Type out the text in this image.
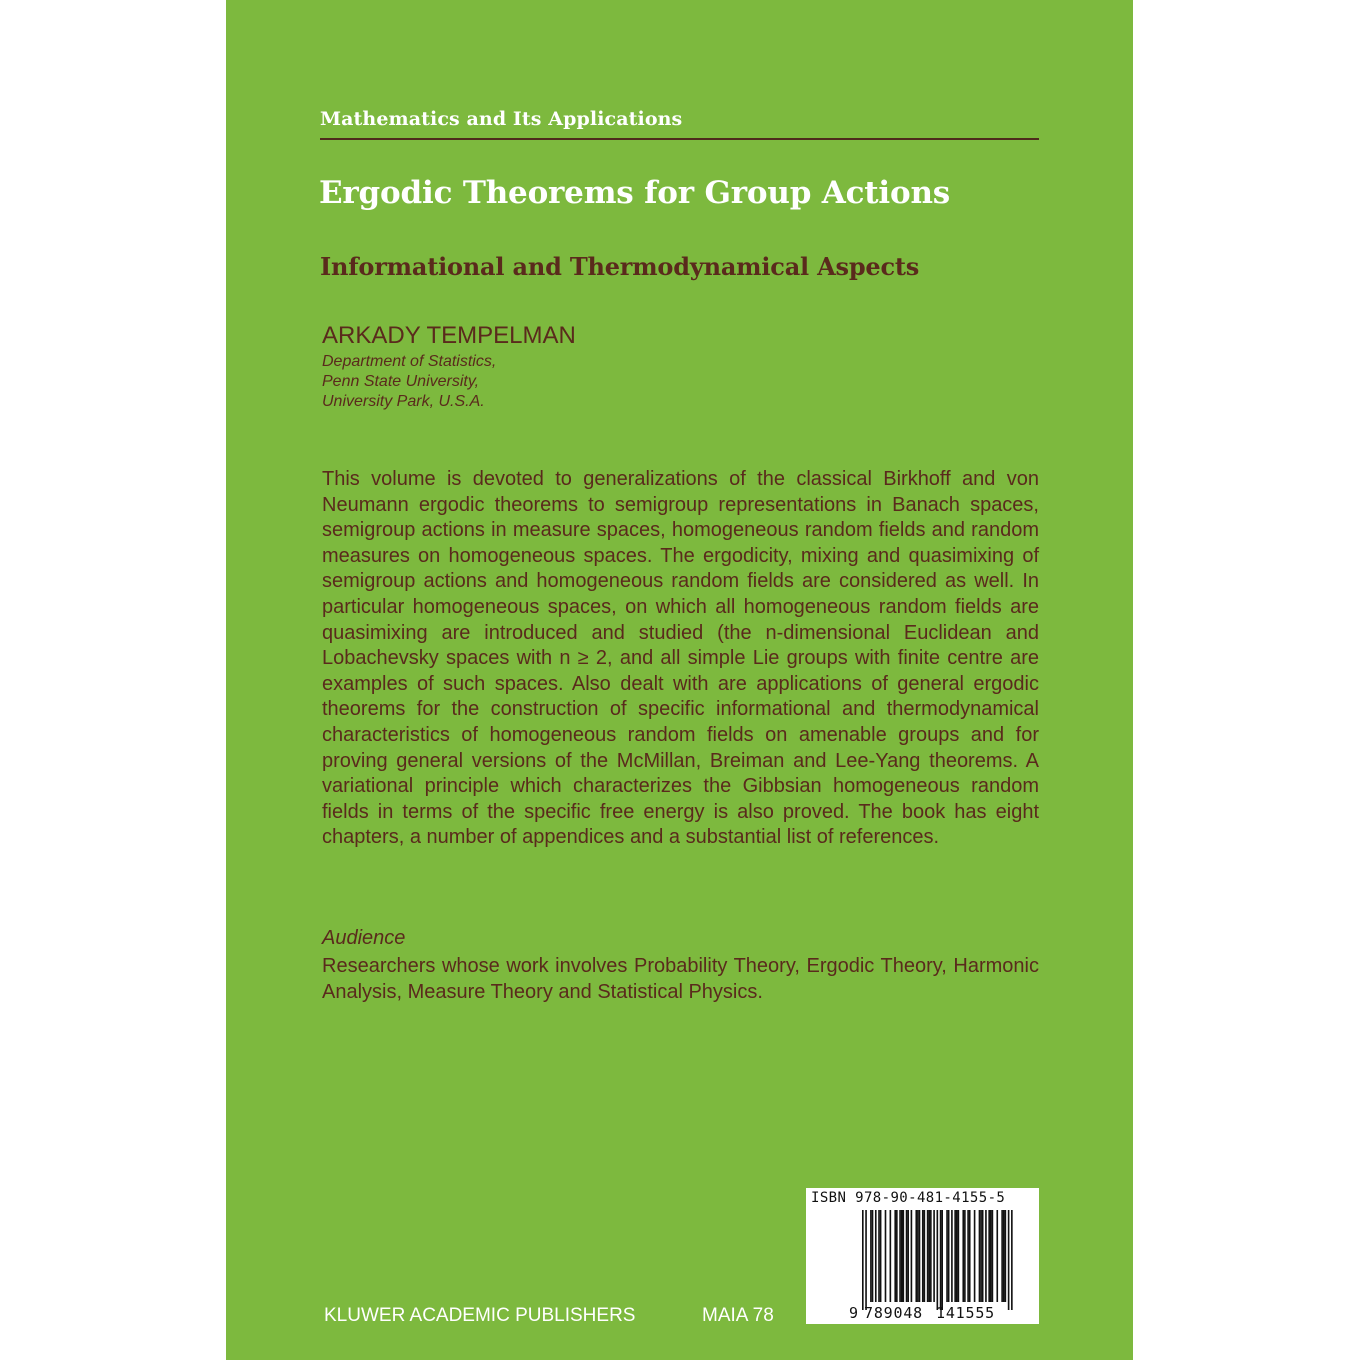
Mathematics and Its Applications
Ergodic Theorems for Group Actions
Informational and Thermodynamical Aspects
ARKADY TEMPELMAN
Department of Statistics,
Penn State University,
University Park, U.S.A.

This volume is devoted to generalizations of the classical Birkhoff and von Neumann ergodic theorems to semigroup representations in Banach spaces, semigroup actions in measure spaces, homogeneous random fields and random measures on homogeneous spaces. The ergodicity, mixing and quasimixing of semigroup actions and homogeneous random fields are considered as well. In particular homogeneous spaces, on which all homogeneous random fields are quasimixing are introduced and studied (the n-dimensional Euclidean and Lobachevsky spaces with n ≥ 2, and all simple Lie groups with finite centre are examples of such spaces. Also dealt with are applications of general ergodic theorems for the construction of specific informational and thermodynamical characteristics of homogeneous random fields on amenable groups and for proving general versions of the McMillan, Breiman and Lee-Yang theorems. A variational principle which characterizes the Gibbsian homogeneous random fields in terms of the specific free energy is also proved. The book has eight chapters, a number of appendices and a substantial list of references.

Audience

Researchers whose work involves Probability Theory, Ergodic Theory, Harmonic Analysis, Measure Theory and Statistical Physics.

KLUWER ACADEMIC PUBLISHERS	MAIA 78
ISBN 978-90-481-4155-5
9 789048 141555
